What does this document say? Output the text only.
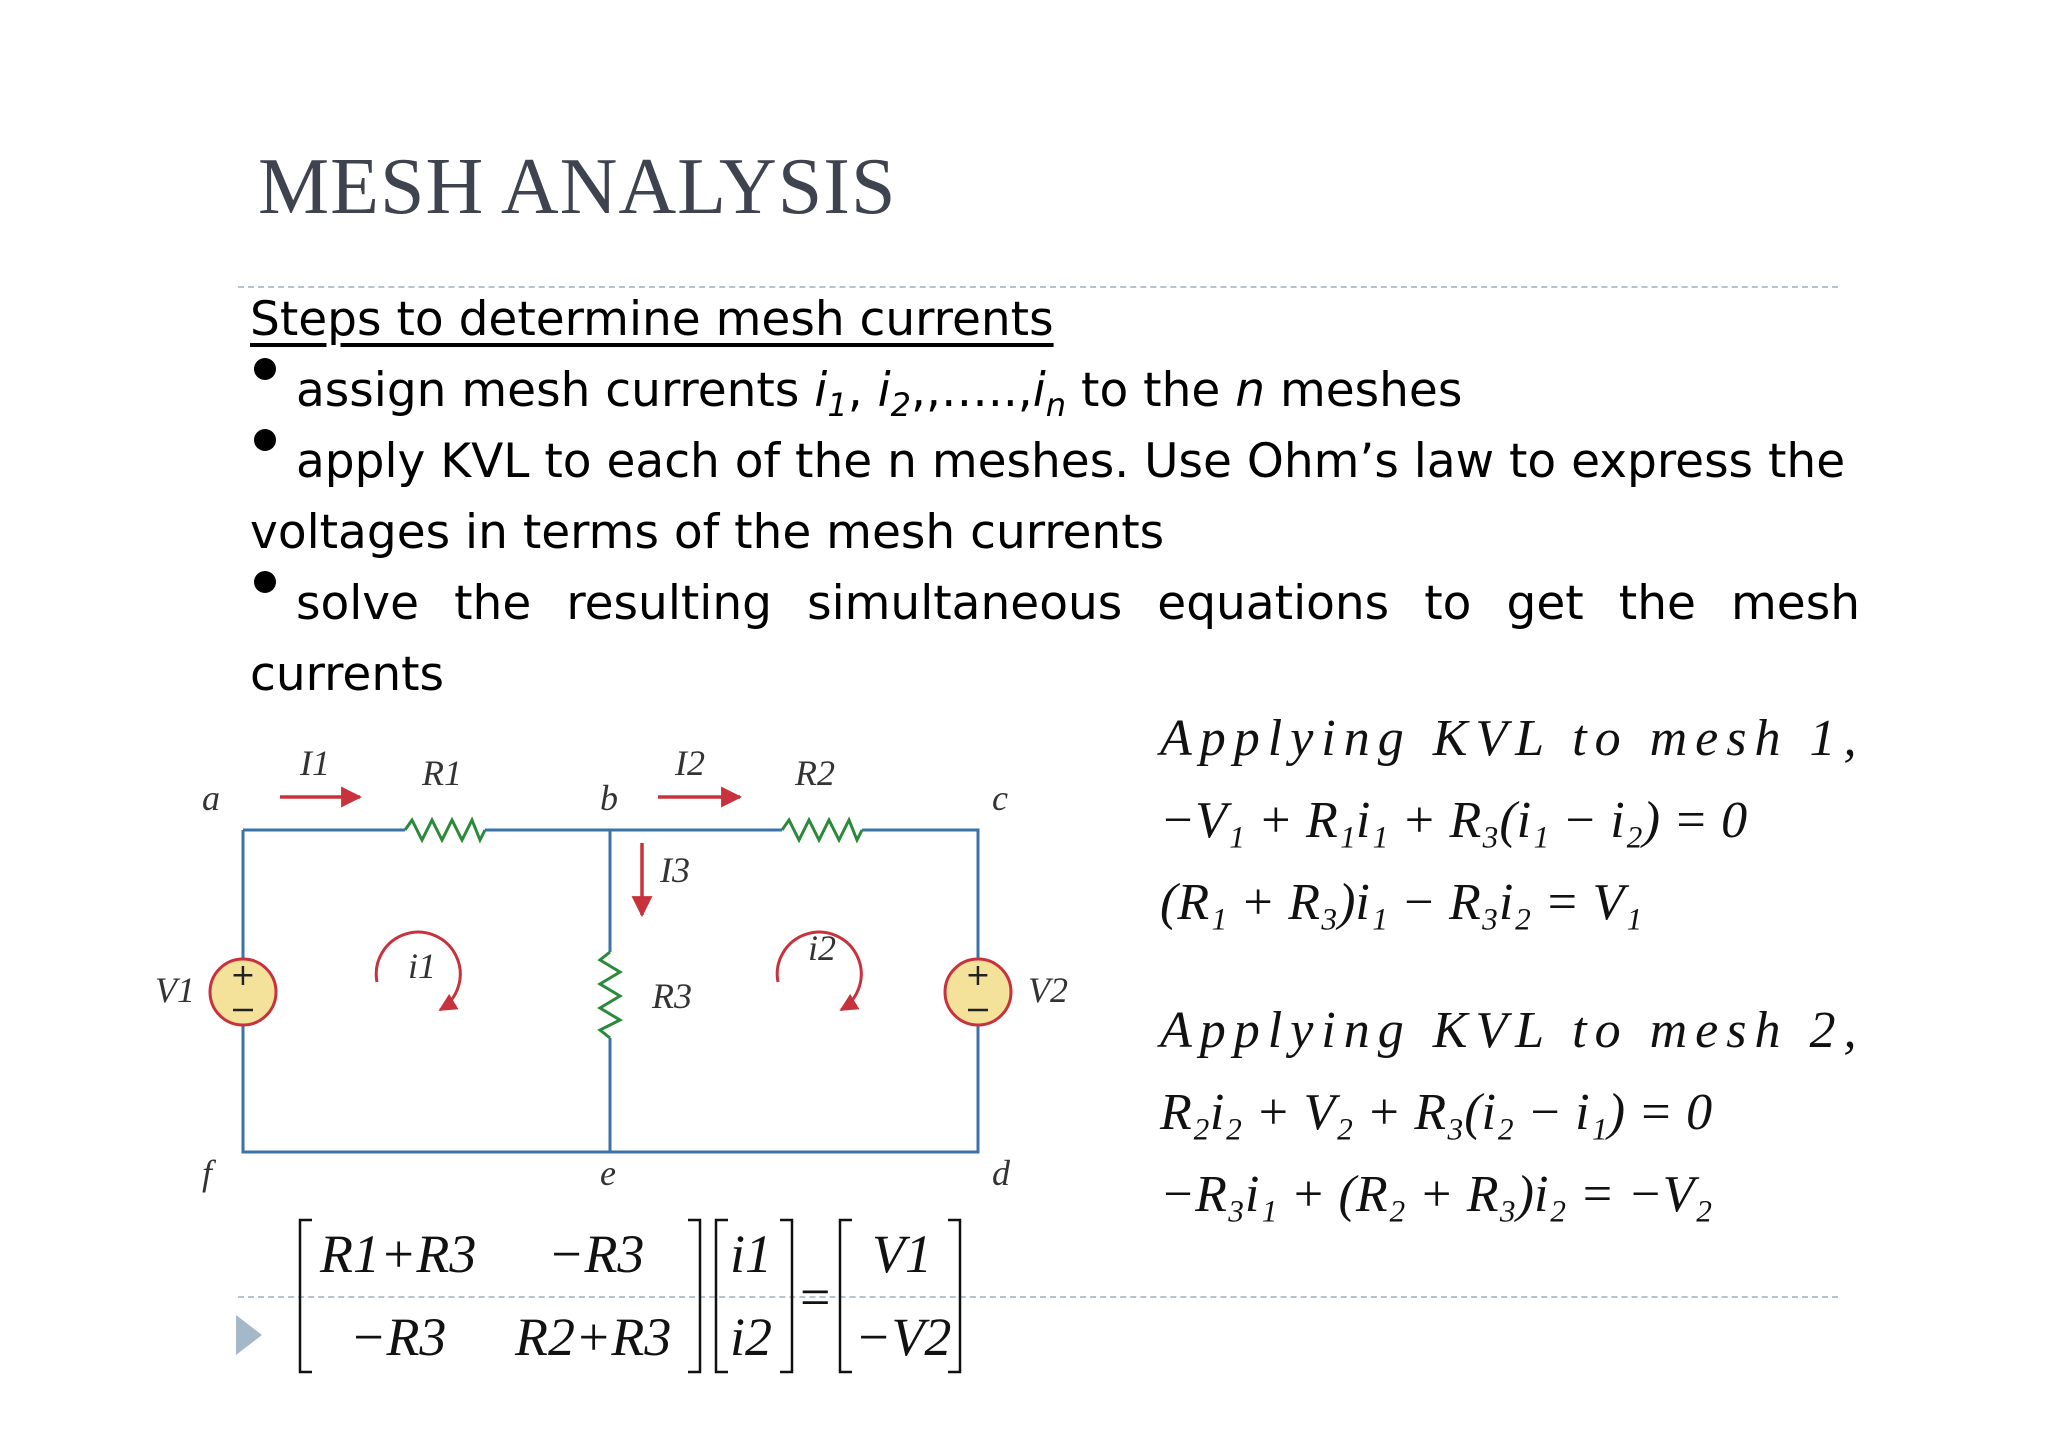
MESH ANALYSIS
Steps to determine mesh currents
assign mesh currents $i_1$, $i_2,,\dots..,i_n$ to the n meshes
apply KVL to each of the n meshes. Use Ohm’s law to express the voltages in terms of the mesh currents
solve the resulting simultaneous equations to get the mesh currents
Applying KVL to mesh 1,
−V₁ + R₁i₁ + R₃(i₁ − i₂) = 0
(R₁ + R₃)i₁ − R₃i₂ = V₁
Applying KVL to mesh 2,
R₂i₂ + V₂ + R₃(i₂ − i₁) = 0
−R₃i₁ + (R₂ + R₃)i₂ = −V₂
+	+
a	b	c
d
e
f
R1	R2
R3
V1	V2
I1	I2
I3
i1	i2
R1+R3 −R3
−R3 R2+R3
i1
i2
=
V1
−V2
